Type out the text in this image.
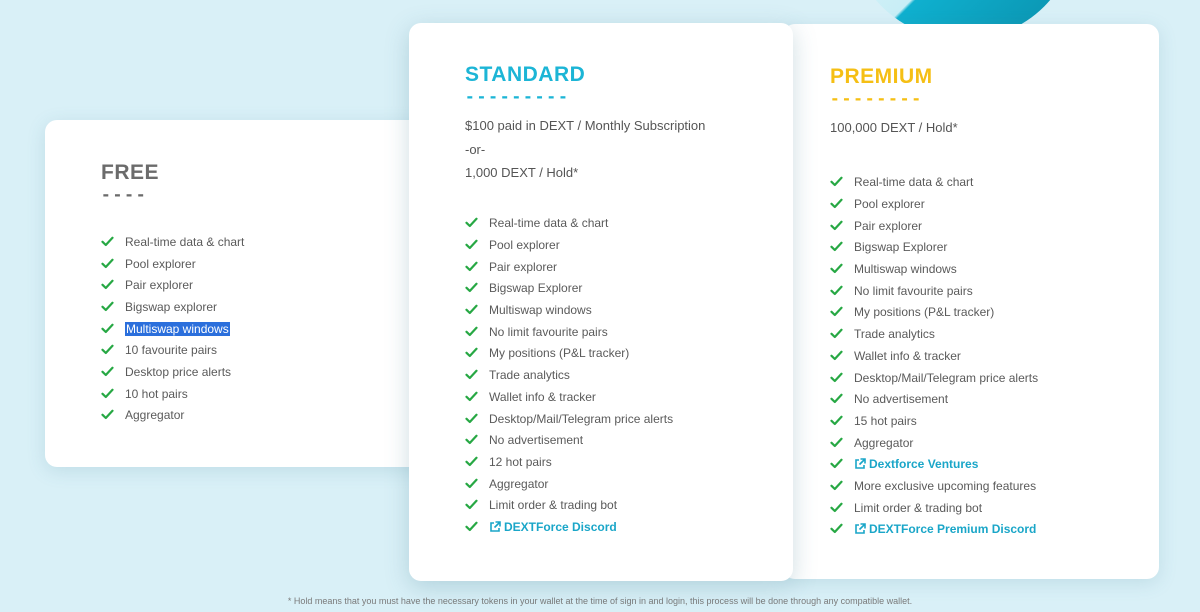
FREE
----
Real-time data & chart
Pool explorer
Pair explorer
Bigswap explorer
Multiswap windows
10 favourite pairs
Desktop price alerts
10 hot pairs
Aggregator
PREMIUM
--------
100,000 DEXT / Hold*
Real-time data & chart
Pool explorer
Pair explorer
Bigswap Explorer
Multiswap windows
No limit favourite pairs
My positions (P&L tracker)
Trade analytics
Wallet info & tracker
Desktop/Mail/Telegram price alerts
No advertisement
15 hot pairs
Aggregator
Dextforce Ventures
More exclusive upcoming features
Limit order & trading bot
DEXTForce Premium Discord
STANDARD
---------
$100 paid in DEXT / Monthly Subscription
-or-
1,000 DEXT / Hold*
Real-time data & chart
Pool explorer
Pair explorer
Bigswap Explorer
Multiswap windows
No limit favourite pairs
My positions (P&L tracker)
Trade analytics
Wallet info & tracker
Desktop/Mail/Telegram price alerts
No advertisement
12 hot pairs
Aggregator
Limit order & trading bot
DEXTForce Discord
* Hold means that you must have the necessary tokens in your wallet at the time of sign in and login, this process will be done through any compatible wallet.
